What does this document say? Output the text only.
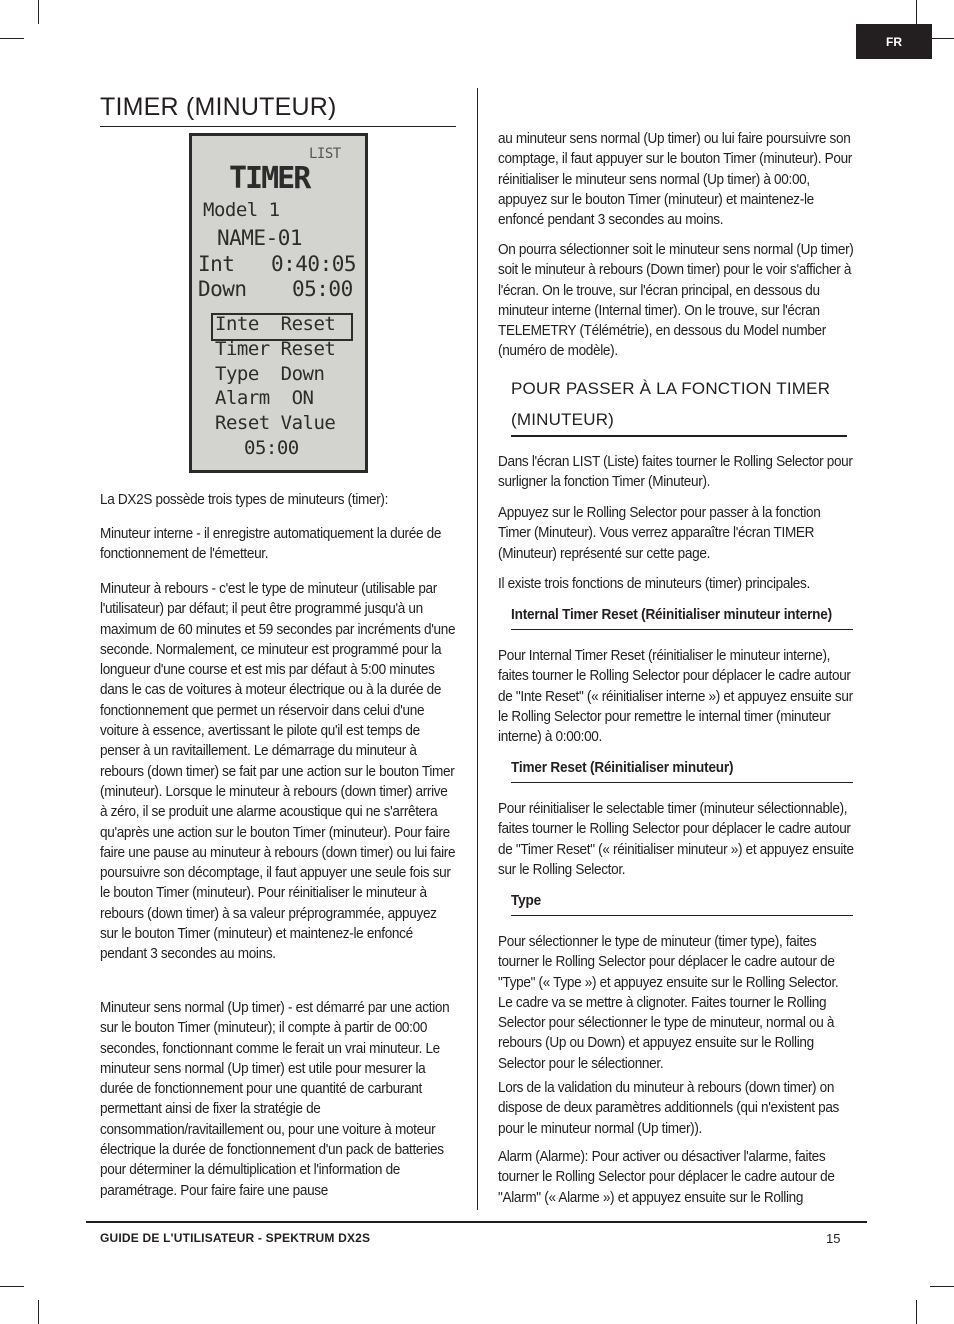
FR
TIMER (MINUTEUR)
LIST
TIMER
Model 1
NAME-01
Int 0:40:05
Down 05:00
Inte  Reset
Timer Reset
Type  Down
Alarm  ON
Reset Value
05:00

La DX2S possède trois types de minuteurs (timer):

Minuteur interne - il enregistre automatiquement la durée de fonctionnement de l'émetteur.

Minuteur à rebours - c'est le type de minuteur (utilisable par l'utilisateur) par défaut; il peut être programmé jusqu'à un maximum de 60 minutes et 59 secondes par incréments d'une seconde. Normalement, ce minuteur est programmé pour la longueur d'une course et est mis par défaut à 5:00 minutes dans le cas de voitures à moteur électrique ou à la durée de fonctionnement que permet un réservoir dans celui d'une voiture à essence, avertissant le pilote qu'il est temps de penser à un ravitaillement. Le démarrage du minuteur à rebours (down timer) se fait par une action sur le bouton Timer (minuteur). Lorsque le minuteur à rebours (down timer) arrive à zéro, il se produit une alarme acoustique qui ne s'arrêtera qu'après une action sur le bouton Timer (minuteur). Pour faire faire une pause au minuteur à rebours (down timer) ou lui faire poursuivre son décomptage, il faut appuyer une seule fois sur le bouton Timer (minuteur). Pour réinitialiser le minuteur à rebours (down timer) à sa valeur préprogrammée, appuyez sur le bouton Timer (minuteur) et maintenez-le enfoncé pendant 3 secondes au moins.

Minuteur sens normal (Up timer) - est démarré par une action sur le bouton Timer (minuteur); il compte à partir de 00:00 secondes, fonctionnant comme le ferait un vrai minuteur. Le minuteur sens normal (Up timer) est utile pour mesurer la durée de fonctionnement pour une quantité de carburant permettant ainsi de fixer la stratégie de consommation/ravitaillement ou, pour une voiture à moteur électrique la durée de fonctionnement d'un pack de batteries pour déterminer la démultiplication et l'information de paramétrage. Pour faire faire une pause

au minuteur sens normal (Up timer) ou lui faire poursuivre son comptage, il faut appuyer sur le bouton Timer (minuteur). Pour réinitialiser le minuteur sens normal (Up timer) à 00:00, appuyez sur le bouton Timer (minuteur) et maintenez-le enfoncé pendant 3 secondes au moins.

On pourra sélectionner soit le minuteur sens normal (Up timer) soit le minuteur à rebours (Down timer) pour le voir s'afficher à l'écran. On le trouve, sur l'écran principal, en dessous du minuteur interne (Internal timer). On le trouve, sur l'écran TELEMETRY (Télémétrie), en dessous du Model number (numéro de modèle).

POUR PASSER À LA FONCTION TIMER
(MINUTEUR)

Dans l'écran LIST (Liste) faites tourner le Rolling Selector pour surligner la fonction Timer (Minuteur).

Appuyez sur le Rolling Selector pour passer à la fonction Timer (Minuteur). Vous verrez apparaître l'écran TIMER (Minuteur) représenté sur cette page.

Il existe trois fonctions de minuteurs (timer) principales.

Internal Timer Reset (Réinitialiser minuteur interne)

Pour Internal Timer Reset (réinitialiser le minuteur interne), faites tourner le Rolling Selector pour déplacer le cadre autour de "Inte Reset" (« réinitialiser interne ») et appuyez ensuite sur le Rolling Selector pour remettre le internal timer (minuteur interne) à 0:00:00.

Timer Reset (Réinitialiser minuteur)

Pour réinitialiser le selectable timer (minuteur sélectionnable), faites tourner le Rolling Selector pour déplacer le cadre autour de "Timer Reset" (« réinitialiser minuteur ») et appuyez ensuite sur le Rolling Selector.

Type

Pour sélectionner le type de minuteur (timer type), faites tourner le Rolling Selector pour déplacer le cadre autour de "Type" (« Type ») et appuyez ensuite sur le Rolling Selector. Le cadre va se mettre à clignoter. Faites tourner le Rolling Selector pour sélectionner le type de minuteur, normal ou à rebours (Up ou Down) et appuyez ensuite sur le Rolling Selector pour le sélectionner.

Lors de la validation du minuteur à rebours (down timer) on dispose de deux paramètres additionnels (qui n'existent pas pour le minuteur normal (Up timer)).

Alarm (Alarme): Pour activer ou désactiver l'alarme, faites tourner le Rolling Selector pour déplacer le cadre autour de "Alarm" (« Alarme ») et appuyez ensuite sur le Rolling

GUIDE DE L'UTILISATEUR - SPEKTRUM DX2S	15
